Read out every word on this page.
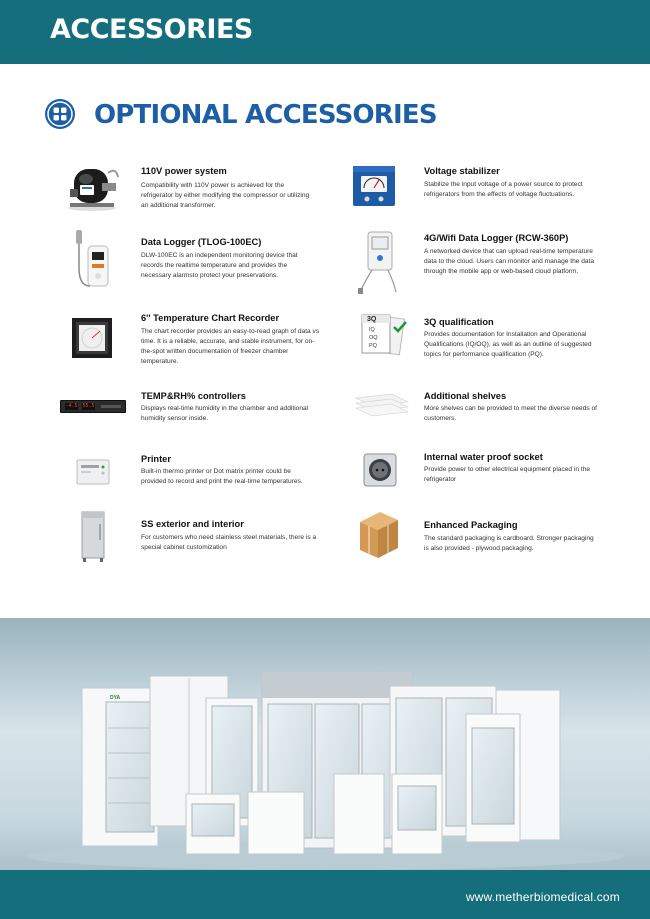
ACCESSORIES
OPTIONAL ACCESSORIES
110V power system
Compatibility with 110V power is achieved for the refrigerator by either modifying the compressor or utilizing an additional transformer.
Voltage stabilizer
Stabilize the input voltage of a power source to protect refrigerators from the effects of voltage fluctuations.
Data Logger (TLOG-100EC)
DLW-100EC is an independent monitoring device that records the realtime temperature and provides the necessary alarmsto protect your preservations.
4G/Wifi Data Logger (RCW-360P)
A networked device that can upload real-time temperature data to the cloud. Users can monitor and manage the data through the mobile app or web-based cloud platform.
6'' Temperature Chart Recorder
The chart recorder provides an easy-to-read graph of data vs time. It is a reliable, accurate, and stable instrument, for on-the-spot written documentation of freezer chamber temperature.
3Q
IQ
OQ
PQ
3Q qualification
Provides documentation for Installation and Operational Qualifications (IQ/OQ), as well as an outline of suggested topics for performance qualification (PQ).
-4.5 55.5
TEMP&RH% controllers
Displays real-time humidity in the chamber and additional humidity sensor inside.
Additional shelves
More shelves can be provided to meet the diverse needs of customers.
Printer
Built-in thermo printer or Dot matrix printer could be provided to record and print the real-time temperatures.
Internal water proof socket
Provide power to other electrical equipment placed in the refrigerator
SS exterior and interior
For customers who need stainless steel materials, there is a special cabinet customization
Enhanced Packaging
The standard packaging is cardboard. Stronger packaging is also provided - plywood packaging.
DYA
www.metherbiomedical.com
